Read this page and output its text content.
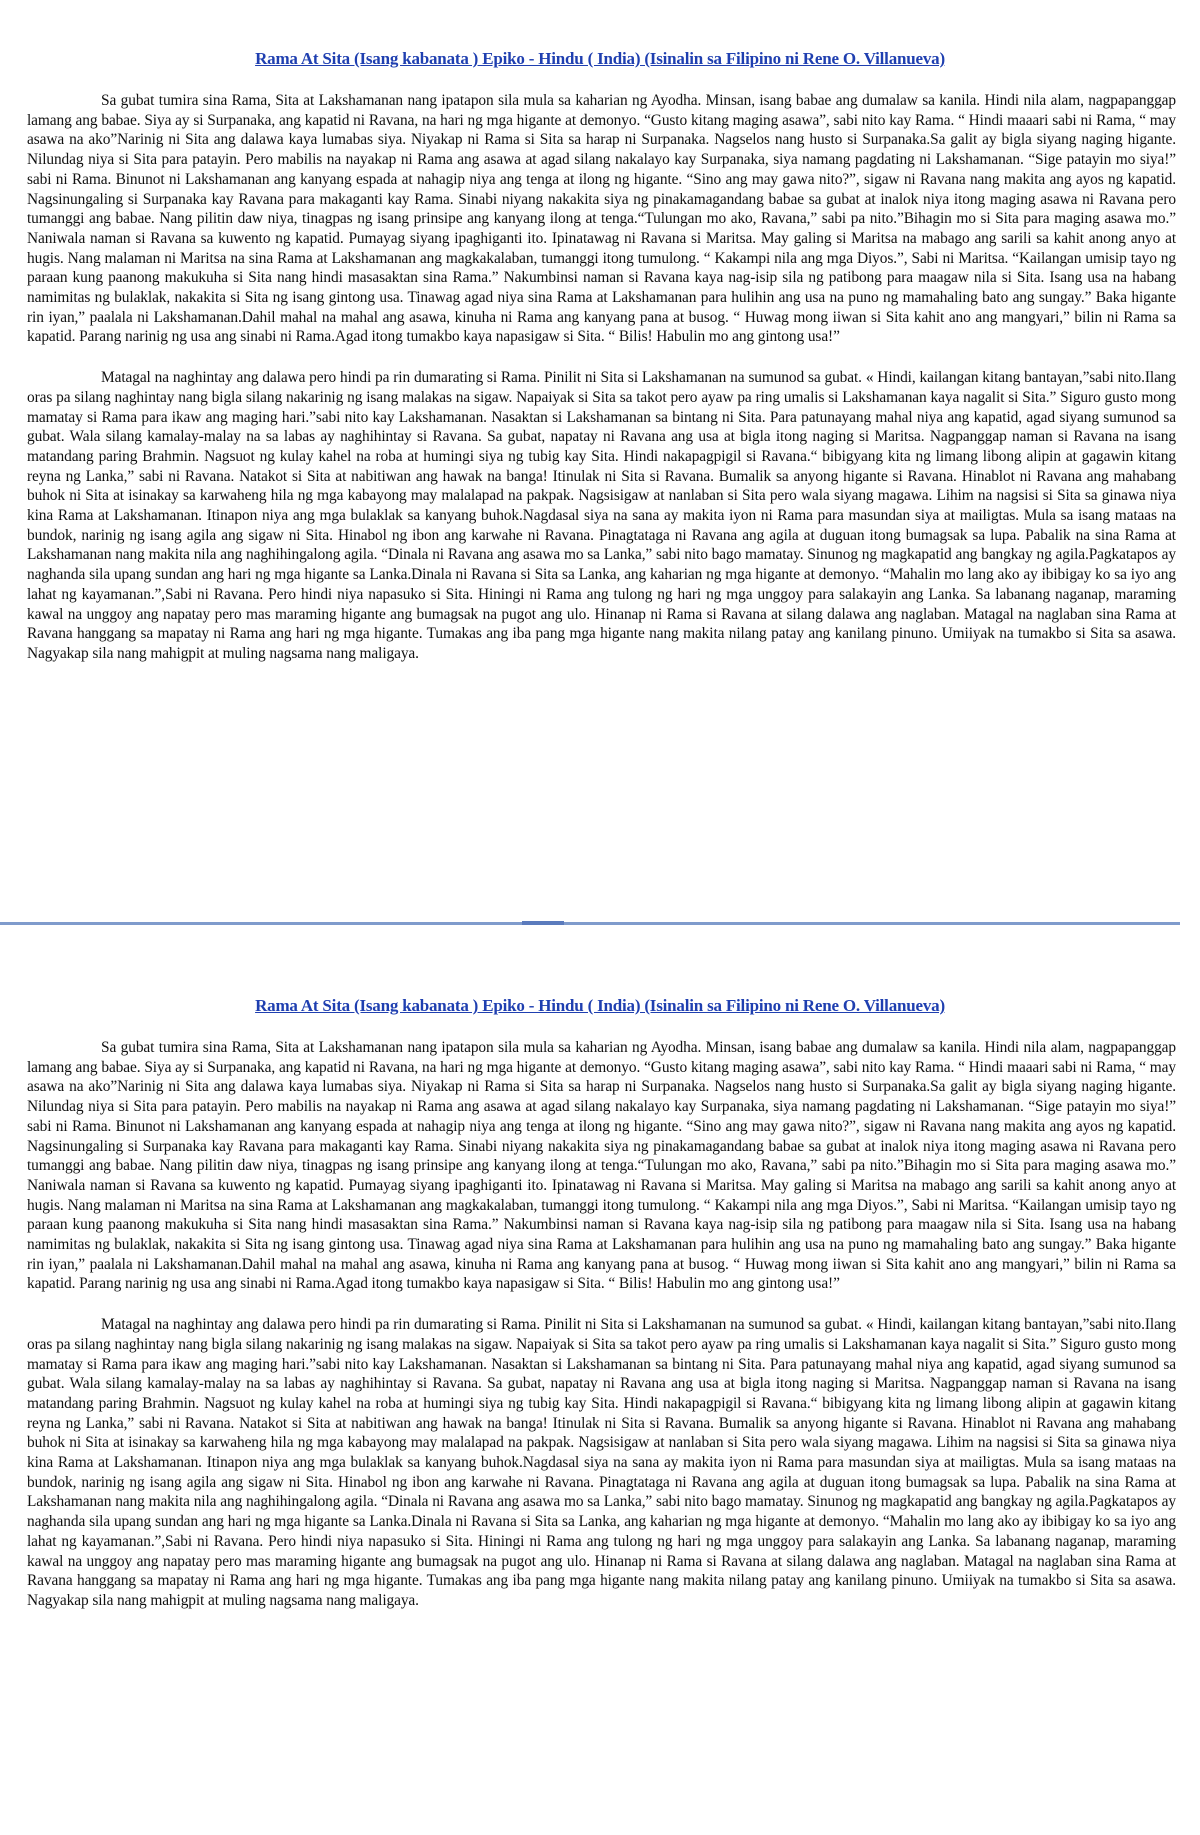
Rama At Sita (Isang kabanata ) Epiko - Hindu ( India) (Isinalin sa Filipino ni Rene O. Villanueva)

Sa gubat tumira sina Rama, Sita at Lakshamanan nang ipatapon sila mula sa kaharian ng Ayodha. Minsan, isang babae ang dumalaw sa kanila. Hindi nila alam, nagpapanggap lamang ang babae. Siya ay si Surpanaka, ang kapatid ni Ravana, na hari ng mga higante at demonyo. “Gusto kitang maging asawa”, sabi nito kay Rama. “ Hindi maaari sabi ni Rama, “ may asawa na ako”Narinig ni Sita ang dalawa kaya lumabas siya. Niyakap ni Rama si Sita sa harap ni Surpanaka. Nagselos nang husto si Surpanaka.Sa galit ay bigla siyang naging higante. Nilundag niya si Sita para patayin. Pero mabilis na nayakap ni Rama ang asawa at agad silang nakalayo kay Surpanaka, siya namang pagdating ni Lakshamanan. “Sige patayin mo siya!” sabi ni Rama. Binunot ni Lakshamanan ang kanyang espada at nahagip niya ang tenga at ilong ng higante. “Sino ang may gawa nito?”, sigaw ni Ravana nang makita ang ayos ng kapatid. Nagsinungaling si Surpanaka kay Ravana para makaganti kay Rama. Sinabi niyang nakakita siya ng pinakamagandang babae sa gubat at inalok niya itong maging asawa ni Ravana pero tumanggi ang babae. Nang pilitin daw niya, tinagpas ng isang prinsipe ang kanyang ilong at tenga.“Tulungan mo ako, Ravana,” sabi pa nito.”Bihagin mo si Sita para maging asawa mo.” Naniwala naman si Ravana sa kuwento ng kapatid. Pumayag siyang ipaghiganti ito. Ipinatawag ni Ravana si Maritsa. May galing si Maritsa na mabago ang sarili sa kahit anong anyo at hugis. Nang malaman ni Maritsa na sina Rama at Lakshamanan ang magkakalaban, tumanggi itong tumulong. “ Kakampi nila ang mga Diyos.”, Sabi ni Maritsa. “Kailangan umisip tayo ng paraan kung paanong makukuha si Sita nang hindi masasaktan sina Rama.” Nakumbinsi naman si Ravana kaya nag-isip sila ng patibong para maagaw nila si Sita. Isang usa na habang namimitas ng bulaklak, nakakita si Sita ng isang gintong usa. Tinawag agad niya sina Rama at Lakshamanan para hulihin ang usa na puno ng mamahaling bato ang sungay.” Baka higante rin iyan,” paalala ni Lakshamanan.Dahil mahal na mahal ang asawa, kinuha ni Rama ang kanyang pana at busog. “ Huwag mong iiwan si Sita kahit ano ang mangyari,” bilin ni Rama sa kapatid. Parang narinig ng usa ang sinabi ni Rama.Agad itong tumakbo kaya napasigaw si Sita. “ Bilis! Habulin mo ang gintong usa!”

Matagal na naghintay ang dalawa pero hindi pa rin dumarating si Rama. Pinilit ni Sita si Lakshamanan na sumunod sa gubat. « Hindi, kailangan kitang bantayan,”sabi nito.Ilang oras pa silang naghintay nang bigla silang nakarinig ng isang malakas na sigaw. Napaiyak si Sita sa takot pero ayaw pa ring umalis si Lakshamanan kaya nagalit si Sita.” Siguro gusto mong mamatay si Rama para ikaw ang maging hari.”sabi nito kay Lakshamanan. Nasaktan si Lakshamanan sa bintang ni Sita. Para patunayang mahal niya ang kapatid, agad siyang sumunod sa gubat. Wala silang kamalay-malay na sa labas ay naghihintay si Ravana. Sa gubat, napatay ni Ravana ang usa at bigla itong naging si Maritsa. Nagpanggap naman si Ravana na isang matandang paring Brahmin. Nagsuot ng kulay kahel na roba at humingi siya ng tubig kay Sita. Hindi nakapagpigil si Ravana.“ bibigyang kita ng limang libong alipin at gagawin kitang reyna ng Lanka,” sabi ni Ravana. Natakot si Sita at nabitiwan ang hawak na banga! Itinulak ni Sita si Ravana. Bumalik sa anyong higante si Ravana. Hinablot ni Ravana ang mahabang buhok ni Sita at isinakay sa karwaheng hila ng mga kabayong may malalapad na pakpak. Nagsisigaw at nanlaban si Sita pero wala siyang magawa. Lihim na nagsisi si Sita sa ginawa niya kina Rama at Lakshamanan. Itinapon niya ang mga bulaklak sa kanyang buhok.Nagdasal siya na sana ay makita iyon ni Rama para masundan siya at mailigtas. Mula sa isang mataas na bundok, narinig ng isang agila ang sigaw ni Sita. Hinabol ng ibon ang karwahe ni Ravana. Pinagtataga ni Ravana ang agila at duguan itong bumagsak sa lupa. Pabalik na sina Rama at Lakshamanan nang makita nila ang naghihingalong agila. “Dinala ni Ravana ang asawa mo sa Lanka,” sabi nito bago mamatay. Sinunog ng magkapatid ang bangkay ng agila.Pagkatapos ay naghanda sila upang sundan ang hari ng mga higante sa Lanka.Dinala ni Ravana si Sita sa Lanka, ang kaharian ng mga higante at demonyo. “Mahalin mo lang ako ay ibibigay ko sa iyo ang lahat ng kayamanan.”,Sabi ni Ravana. Pero hindi niya napasuko si Sita. Hiningi ni Rama ang tulong ng hari ng mga unggoy para salakayin ang Lanka. Sa labanang naganap, maraming kawal na unggoy ang napatay pero mas maraming higante ang bumagsak na pugot ang ulo. Hinanap ni Rama si Ravana at silang dalawa ang naglaban. Matagal na naglaban sina Rama at Ravana hanggang sa mapatay ni Rama ang hari ng mga higante. Tumakas ang iba pang mga higante nang makita nilang patay ang kanilang pinuno. Umiiyak na tumakbo si Sita sa asawa. Nagyakap sila nang mahigpit at muling nagsama nang maligaya.

Rama At Sita (Isang kabanata ) Epiko - Hindu ( India) (Isinalin sa Filipino ni Rene O. Villanueva)

Sa gubat tumira sina Rama, Sita at Lakshamanan nang ipatapon sila mula sa kaharian ng Ayodha. Minsan, isang babae ang dumalaw sa kanila. Hindi nila alam, nagpapanggap lamang ang babae. Siya ay si Surpanaka, ang kapatid ni Ravana, na hari ng mga higante at demonyo. “Gusto kitang maging asawa”, sabi nito kay Rama. “ Hindi maaari sabi ni Rama, “ may asawa na ako”Narinig ni Sita ang dalawa kaya lumabas siya. Niyakap ni Rama si Sita sa harap ni Surpanaka. Nagselos nang husto si Surpanaka.Sa galit ay bigla siyang naging higante. Nilundag niya si Sita para patayin. Pero mabilis na nayakap ni Rama ang asawa at agad silang nakalayo kay Surpanaka, siya namang pagdating ni Lakshamanan. “Sige patayin mo siya!” sabi ni Rama. Binunot ni Lakshamanan ang kanyang espada at nahagip niya ang tenga at ilong ng higante. “Sino ang may gawa nito?”, sigaw ni Ravana nang makita ang ayos ng kapatid. Nagsinungaling si Surpanaka kay Ravana para makaganti kay Rama. Sinabi niyang nakakita siya ng pinakamagandang babae sa gubat at inalok niya itong maging asawa ni Ravana pero tumanggi ang babae. Nang pilitin daw niya, tinagpas ng isang prinsipe ang kanyang ilong at tenga.“Tulungan mo ako, Ravana,” sabi pa nito.”Bihagin mo si Sita para maging asawa mo.” Naniwala naman si Ravana sa kuwento ng kapatid. Pumayag siyang ipaghiganti ito. Ipinatawag ni Ravana si Maritsa. May galing si Maritsa na mabago ang sarili sa kahit anong anyo at hugis. Nang malaman ni Maritsa na sina Rama at Lakshamanan ang magkakalaban, tumanggi itong tumulong. “ Kakampi nila ang mga Diyos.”, Sabi ni Maritsa. “Kailangan umisip tayo ng paraan kung paanong makukuha si Sita nang hindi masasaktan sina Rama.” Nakumbinsi naman si Ravana kaya nag-isip sila ng patibong para maagaw nila si Sita. Isang usa na habang namimitas ng bulaklak, nakakita si Sita ng isang gintong usa. Tinawag agad niya sina Rama at Lakshamanan para hulihin ang usa na puno ng mamahaling bato ang sungay.” Baka higante rin iyan,” paalala ni Lakshamanan.Dahil mahal na mahal ang asawa, kinuha ni Rama ang kanyang pana at busog. “ Huwag mong iiwan si Sita kahit ano ang mangyari,” bilin ni Rama sa kapatid. Parang narinig ng usa ang sinabi ni Rama.Agad itong tumakbo kaya napasigaw si Sita. “ Bilis! Habulin mo ang gintong usa!”

Matagal na naghintay ang dalawa pero hindi pa rin dumarating si Rama. Pinilit ni Sita si Lakshamanan na sumunod sa gubat. « Hindi, kailangan kitang bantayan,”sabi nito.Ilang oras pa silang naghintay nang bigla silang nakarinig ng isang malakas na sigaw. Napaiyak si Sita sa takot pero ayaw pa ring umalis si Lakshamanan kaya nagalit si Sita.” Siguro gusto mong mamatay si Rama para ikaw ang maging hari.”sabi nito kay Lakshamanan. Nasaktan si Lakshamanan sa bintang ni Sita. Para patunayang mahal niya ang kapatid, agad siyang sumunod sa gubat. Wala silang kamalay-malay na sa labas ay naghihintay si Ravana. Sa gubat, napatay ni Ravana ang usa at bigla itong naging si Maritsa. Nagpanggap naman si Ravana na isang matandang paring Brahmin. Nagsuot ng kulay kahel na roba at humingi siya ng tubig kay Sita. Hindi nakapagpigil si Ravana.“ bibigyang kita ng limang libong alipin at gagawin kitang reyna ng Lanka,” sabi ni Ravana. Natakot si Sita at nabitiwan ang hawak na banga! Itinulak ni Sita si Ravana. Bumalik sa anyong higante si Ravana. Hinablot ni Ravana ang mahabang buhok ni Sita at isinakay sa karwaheng hila ng mga kabayong may malalapad na pakpak. Nagsisigaw at nanlaban si Sita pero wala siyang magawa. Lihim na nagsisi si Sita sa ginawa niya kina Rama at Lakshamanan. Itinapon niya ang mga bulaklak sa kanyang buhok.Nagdasal siya na sana ay makita iyon ni Rama para masundan siya at mailigtas. Mula sa isang mataas na bundok, narinig ng isang agila ang sigaw ni Sita. Hinabol ng ibon ang karwahe ni Ravana. Pinagtataga ni Ravana ang agila at duguan itong bumagsak sa lupa. Pabalik na sina Rama at Lakshamanan nang makita nila ang naghihingalong agila. “Dinala ni Ravana ang asawa mo sa Lanka,” sabi nito bago mamatay. Sinunog ng magkapatid ang bangkay ng agila.Pagkatapos ay naghanda sila upang sundan ang hari ng mga higante sa Lanka.Dinala ni Ravana si Sita sa Lanka, ang kaharian ng mga higante at demonyo. “Mahalin mo lang ako ay ibibigay ko sa iyo ang lahat ng kayamanan.”,Sabi ni Ravana. Pero hindi niya napasuko si Sita. Hiningi ni Rama ang tulong ng hari ng mga unggoy para salakayin ang Lanka. Sa labanang naganap, maraming kawal na unggoy ang napatay pero mas maraming higante ang bumagsak na pugot ang ulo. Hinanap ni Rama si Ravana at silang dalawa ang naglaban. Matagal na naglaban sina Rama at Ravana hanggang sa mapatay ni Rama ang hari ng mga higante. Tumakas ang iba pang mga higante nang makita nilang patay ang kanilang pinuno. Umiiyak na tumakbo si Sita sa asawa. Nagyakap sila nang mahigpit at muling nagsama nang maligaya.
